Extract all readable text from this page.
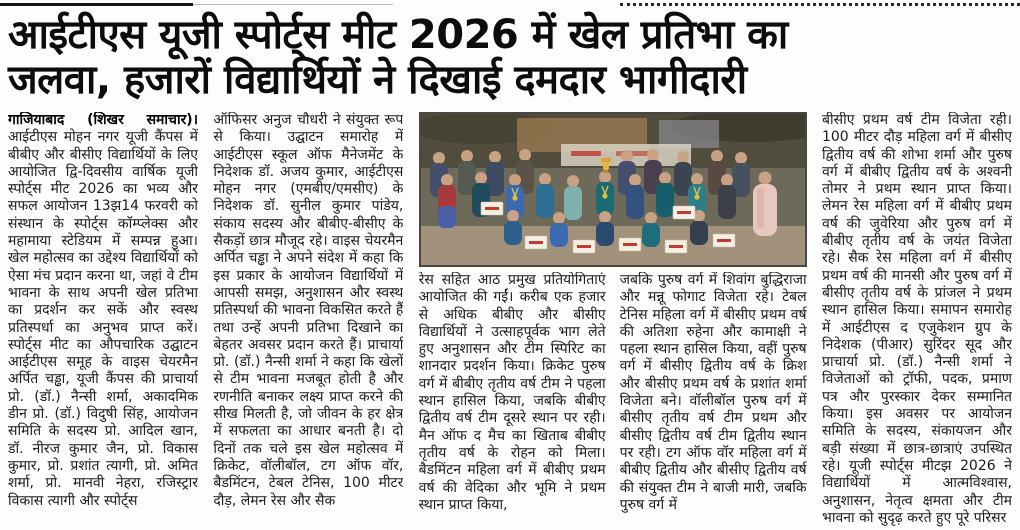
आईटीएस यूजी स्पोर्ट्स मीट 2026 में खेल प्रतिभा का
जलवा, हजारों विद्यार्थियों ने दिखाई दमदार भागीदारी

गाजियाबाद (शिखर समाचार)। आईटीएस मोहन नगर यूजी कैंपस में बीबीए और बीसीए विद्यार्थियों के लिए आयोजित द्वि-दिवसीय वार्षिक यूजी स्पोर्ट्स मीट 2026 का भव्य और सफल आयोजन 13झ14 फरवरी को संस्थान के स्पोर्ट्स कॉम्प्लेक्स और महामाया स्टेडियम में सम्पन्न हुआ। खेल महोत्सव का उद्देश्य विद्यार्थियों को ऐसा मंच प्रदान करना था, जहां वे टीम भावना के साथ अपनी खेल प्रतिभा का प्रदर्शन कर सकें और स्वस्थ प्रतिस्पर्धा का अनुभव प्राप्त करें। स्पोर्ट्स मीट का औपचारिक उद्घाटन आईटीएस समूह के वाइस चेयरमैन अर्पित चड्ढा, यूजी कैंपस की प्राचार्या प्रो. (डॉ.) नैन्सी शर्मा, अकादमिक डीन प्रो. (डॉ.) विदुषी सिंह, आयोजन समिति के सदस्य प्रो. आदिल खान, डॉ. नीरज कुमार जैन, प्रो. विकास कुमार, प्रो. प्रशांत त्यागी, प्रो. अमित शर्मा, प्रो. मानवी नेहरा, रजिस्ट्रार विकास त्यागी और स्पोर्ट्स

ऑफिसर अनुज चौधरी ने संयुक्त रूप से किया। उद्घाटन समारोह में आईटीएस स्कूल ऑफ मैनेजमेंट के निदेशक डॉ. अजय कुमार, आईटीएस मोहन नगर (एमबीए/एमसीए) के निदेशक डॉ. सुनील कुमार पांडेय, संकाय सदस्य और बीबीए-बीसीए के सैकड़ों छात्र मौजूद रहे। वाइस चेयरमैन अर्पित चड्ढा ने अपने संदेश में कहा कि इस प्रकार के आयोजन विद्यार्थियों में आपसी समझ, अनुशासन और स्वस्थ प्रतिस्पर्धा की भावना विकसित करते हैं तथा उन्हें अपनी प्रतिभा दिखाने का बेहतर अवसर प्रदान करते हैं। प्राचार्या प्रो. (डॉ.) नैन्सी शर्मा ने कहा कि खेलों से टीम भावना मजबूत होती है और रणनीति बनाकर लक्ष्य प्राप्त करने की सीख मिलती है, जो जीवन के हर क्षेत्र में सफलता का आधार बनती है। दो दिनों तक चले इस खेल महोत्सव में क्रिकेट, वॉलीबॉल, टग ऑफ वॉर, बैडमिंटन, टेबल टेनिस, 100 मीटर दौड़, लेमन रेस और सैक

रेस सहित आठ प्रमुख प्रतियोगिताएं आयोजित की गईं। करीब एक हजार से अधिक बीबीए और बीसीए विद्यार्थियों ने उत्साहपूर्वक भाग लेते हुए अनुशासन और टीम स्पिरिट का शानदार प्रदर्शन किया। क्रिकेट पुरुष वर्ग में बीबीए तृतीय वर्ष टीम ने पहला स्थान हासिल किया, जबकि बीबीए द्वितीय वर्ष टीम दूसरे स्थान पर रही। मैन ऑफ द मैच का खिताब बीबीए तृतीय वर्ष के रोहन को मिला। बैडमिंटन महिला वर्ग में बीबीए प्रथम वर्ष की वेदिका और भूमि ने प्रथम स्थान प्राप्त किया,

जबकि पुरुष वर्ग में शिवांग बुद्धिराजा और मन्नू फोगाट विजेता रहे। टेबल टेनिस महिला वर्ग में बीसीए प्रथम वर्ष की अतिशा रुहेना और कामाक्षी ने पहला स्थान हासिल किया, वहीं पुरुष वर्ग में बीसीए द्वितीय वर्ष के क्रिश और बीसीए प्रथम वर्ष के प्रशांत शर्मा विजेता बने। वॉलीबॉल पुरुष वर्ग में बीसीए तृतीय वर्ष टीम प्रथम और बीसीए द्वितीय वर्ष टीम द्वितीय स्थान पर रही। टग ऑफ वॉर महिला वर्ग में बीबीए द्वितीय और बीसीए द्वितीय वर्ष की संयुक्त टीम ने बाजी मारी, जबकि पुरुष वर्ग में

बीसीए प्रथम वर्ष टीम विजेता रही। 100 मीटर दौड़ महिला वर्ग में बीसीए द्वितीय वर्ष की शोभा शर्मा और पुरुष वर्ग में बीबीए द्वितीय वर्ष के अश्वनी तोमर ने प्रथम स्थान प्राप्त किया। लेमन रेस महिला वर्ग में बीबीए प्रथम वर्ष की जुवेरिया और पुरुष वर्ग में बीबीए तृतीय वर्ष के जयंत विजेता रहे। सैक रेस महिला वर्ग में बीसीए प्रथम वर्ष की मानसी और पुरुष वर्ग में बीसीए तृतीय वर्ष के प्रांजल ने प्रथम स्थान हासिल किया। समापन समारोह में आईटीएस द एजुकेशन ग्रुप के निदेशक (पीआर) सुरिंदर सूद और प्राचार्या प्रो. (डॉ.) नैन्सी शर्मा ने विजेताओं को ट्रॉफी, पदक, प्रमाण पत्र और पुरस्कार देकर सम्मानित किया। इस अवसर पर आयोजन समिति के सदस्य, संकायजन और बड़ी संख्या में छात्र-छात्राएं उपस्थित रहे। यूजी स्पोर्ट्स मीटझ 2026 ने विद्यार्थियों में आत्मविश्वास, अनुशासन, नेतृत्व क्षमता और टीम भावना को सुदृढ़ करते हुए पूरे परिसर
